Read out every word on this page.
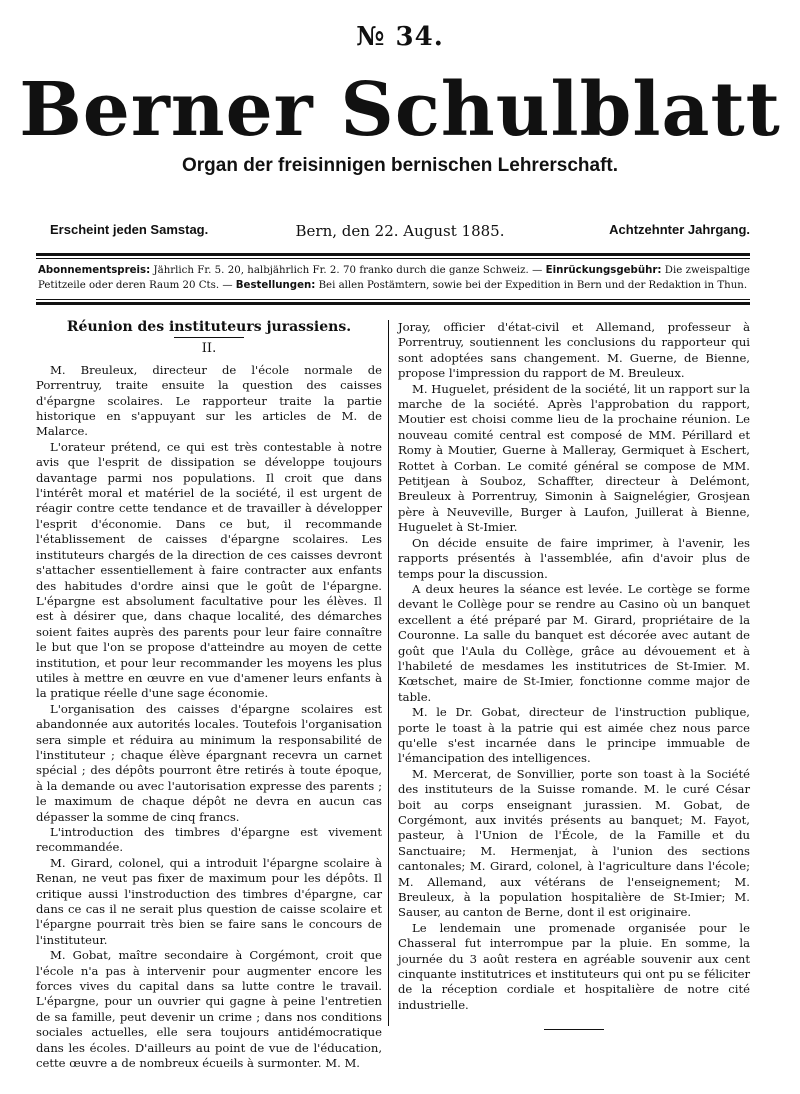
№ 34.
Berner Schulblatt
Organ der freisinnigen bernischen Lehrerschaft.
Erscheint jeden Samstag.	Bern, den 22. August 1885.	Achtzehnter Jahrgang.
Abonnementspreis: Jährlich Fr. 5. 20, halbjährlich Fr. 2. 70 franko durch die ganze Schweiz. — Einrückungsgebühr: Die zweispaltige Petitzeile oder deren Raum 20 Cts. — Bestellungen: Bei allen Postämtern, sowie bei der Expedition in Bern und der Redaktion in Thun.
Réunion des instituteurs jurassiens.
II.

M. Breuleux, directeur de l'école normale de Porrentruy, traite ensuite la question des caisses d'épargne scolaires. Le rapporteur traite la partie historique en s'appuyant sur les articles de M. de Malarce.

L'orateur prétend, ce qui est très contestable à notre avis que l'esprit de dissipation se développe toujours davantage parmi nos populations. Il croit que dans l'intérêt moral et matériel de la société, il est urgent de réagir contre cette tendance et de travailler à développer l'esprit d'économie. Dans ce but, il recommande l'établissement de caisses d'épargne scolaires. Les instituteurs chargés de la direction de ces caisses devront s'attacher essentiellement à faire contracter aux enfants des habitudes d'ordre ainsi que le goût de l'épargne. L'épargne est absolument facultative pour les élèves. Il est à désirer que, dans chaque localité, des démarches soient faites auprès des parents pour leur faire connaître le but que l'on se propose d'atteindre au moyen de cette institution, et pour leur recommander les moyens les plus utiles à mettre en œuvre en vue d'amener leurs enfants à la pratique réelle d'une sage économie.

L'organisation des caisses d'épargne scolaires est abandonnée aux autorités locales. Toutefois l'organisation sera simple et réduira au minimum la responsabilité de l'instituteur ; chaque élève épargnant recevra un carnet spécial ; des dépôts pourront être retirés à toute époque, à la demande ou avec l'autorisation expresse des parents ; le maximum de chaque dépôt ne devra en aucun cas dépasser la somme de cinq francs.

L'introduction des timbres d'épargne est vivement recommandée.

M. Girard, colonel, qui a introduit l'épargne scolaire à Renan, ne veut pas fixer de maximum pour les dépôts. Il critique aussi l'instroduction des timbres d'épargne, car dans ce cas il ne serait plus question de caisse scolaire et l'épargne pourrait très bien se faire sans le concours de l'instituteur.

M. Gobat, maître secondaire à Corgémont, croit que l'école n'a pas à intervenir pour augmenter encore les forces vives du capital dans sa lutte contre le travail. L'épargne, pour un ouvrier qui gagne à peine l'entretien de sa famille, peut devenir un crime ; dans nos conditions sociales actuelles, elle sera toujours antidémocratique dans les écoles. D'ailleurs au point de vue de l'éducation, cette œuvre a de nombreux écueils à surmonter. M. M.

Joray, officier d'état-civil et Allemand, professeur à Porrentruy, soutiennent les conclusions du rapporteur qui sont adoptées sans changement. M. Guerne, de Bienne, propose l'impression du rapport de M. Breuleux.

M. Huguelet, président de la société, lit un rapport sur la marche de la société. Après l'approbation du rapport, Moutier est choisi comme lieu de la prochaine réunion. Le nouveau comité central est composé de MM. Périllard et Romy à Moutier, Guerne à Malleray, Germiquet à Eschert, Rottet à Corban. Le comité général se compose de MM. Petitjean à Souboz, Schaffter, directeur à Delémont, Breuleux à Porrentruy, Simonin à Saignelégier, Grosjean père à Neuveville, Burger à Laufon, Juillerat à Bienne, Huguelet à St-Imier.

On décide ensuite de faire imprimer, à l'avenir, les rapports présentés à l'assemblée, afin d'avoir plus de temps pour la discussion.

A deux heures la séance est levée. Le cortège se forme devant le Collège pour se rendre au Casino où un banquet excellent a été préparé par M. Girard, propriétaire de la Couronne. La salle du banquet est décorée avec autant de goût que l'Aula du Collège, grâce au dévouement et à l'habileté de mesdames les institutrices de St-Imier. M. Kœtschet, maire de St-Imier, fonctionne comme major de table.

M. le Dr. Gobat, directeur de l'instruction publique, porte le toast à la patrie qui est aimée chez nous parce qu'elle s'est incarnée dans le principe immuable de l'émancipation des intelligences.

M. Mercerat, de Sonvillier, porte son toast à la Société des instituteurs de la Suisse romande. M. le curé César boit au corps enseignant jurassien. M. Gobat, de Corgémont, aux invités présents au banquet; M. Fayot, pasteur, à l'Union de l'École, de la Famille et du Sanctuaire; M. Hermenjat, à l'union des sections cantonales; M. Girard, colonel, à l'agriculture dans l'école; M. Allemand, aux vétérans de l'enseignement; M. Breuleux, à la population hospitalière de St-Imier; M. Sauser, au canton de Berne, dont il est originaire.

Le lendemain une promenade organisée pour le Chasseral fut interrompue par la pluie. En somme, la journée du 3 août restera en agréable souvenir aux cent cinquante institutrices et instituteurs qui ont pu se féliciter de la réception cordiale et hospitalière de notre cité industrielle.
